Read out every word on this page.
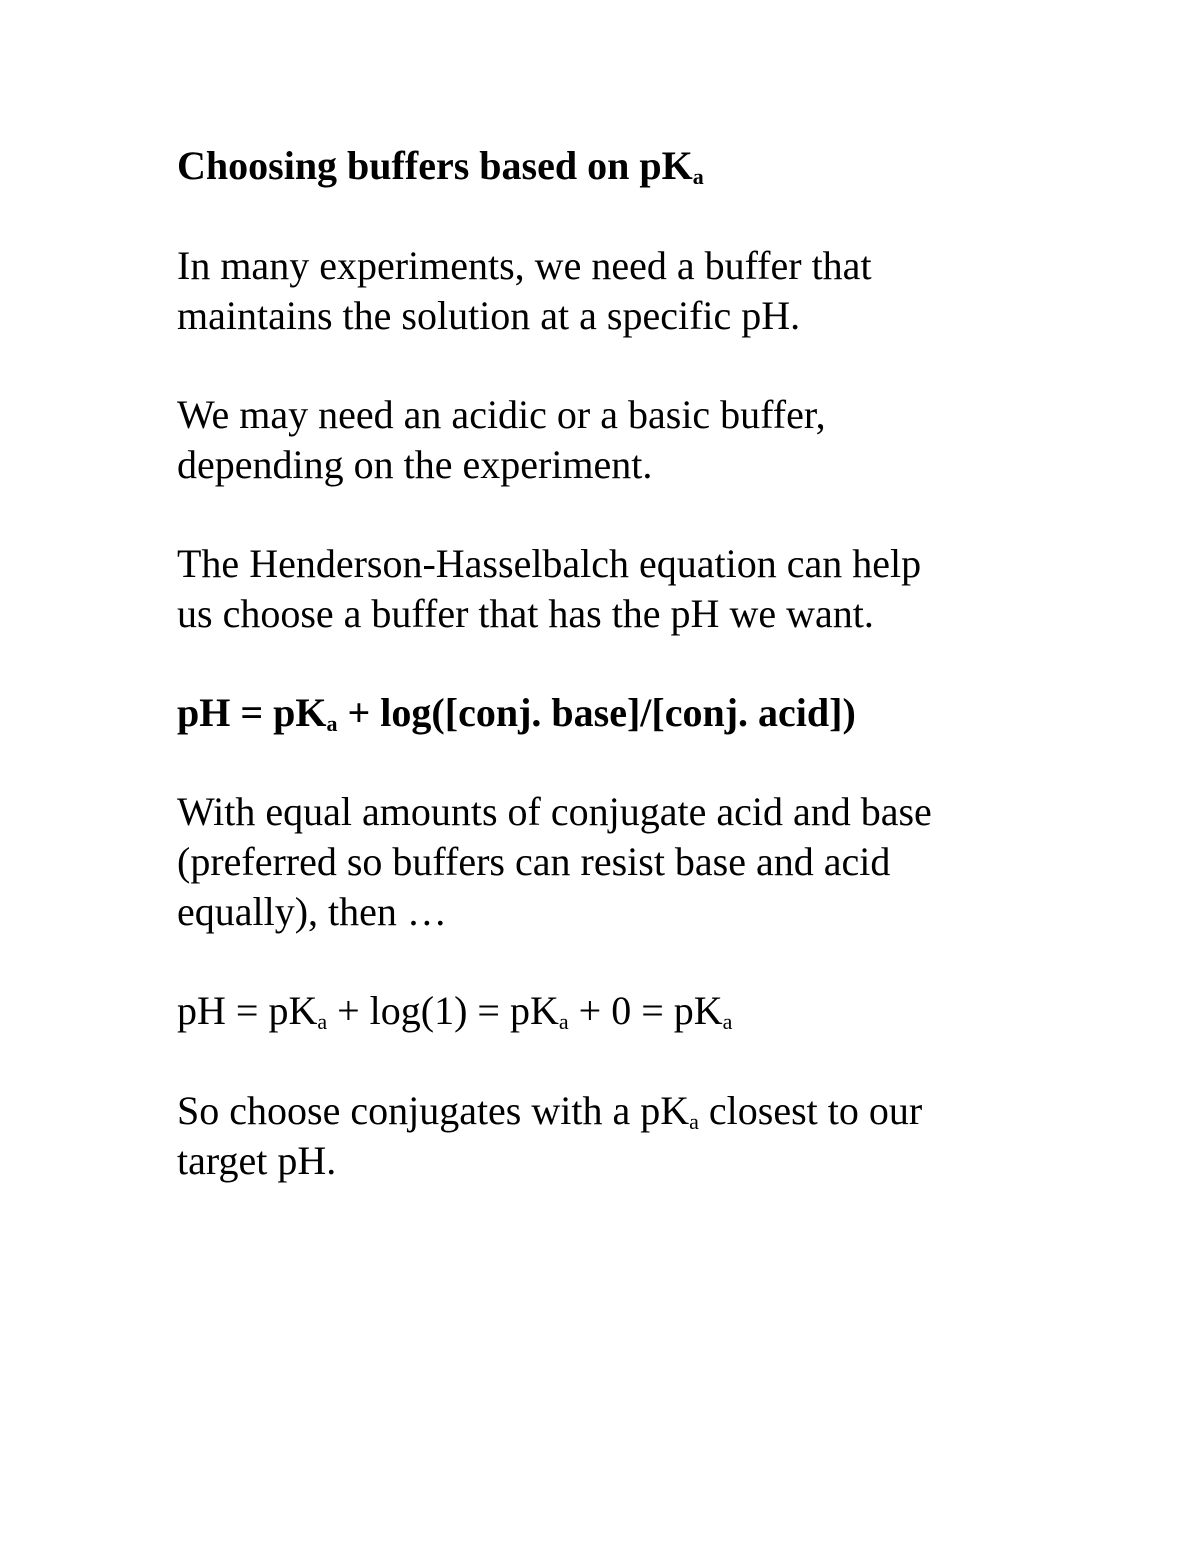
Choosing buffers based on $pK_a$
In many experiments, we need a buffer that
maintains the solution at a specific pH.
We may need an acidic or a basic buffer,
depending on the experiment.
The Henderson-Hasselbalch equation can help
us choose a buffer that has the pH we want.
pH = $pK_a$ + log([conj. base]/[conj. acid])
With equal amounts of conjugate acid and base
(preferred so buffers can resist base and acid
equally), then …
pH = $pK_a + \log(1) = pK_a + 0 = pK_a$
So choose conjugates with a $pK_a$ closest to our
target pH.
